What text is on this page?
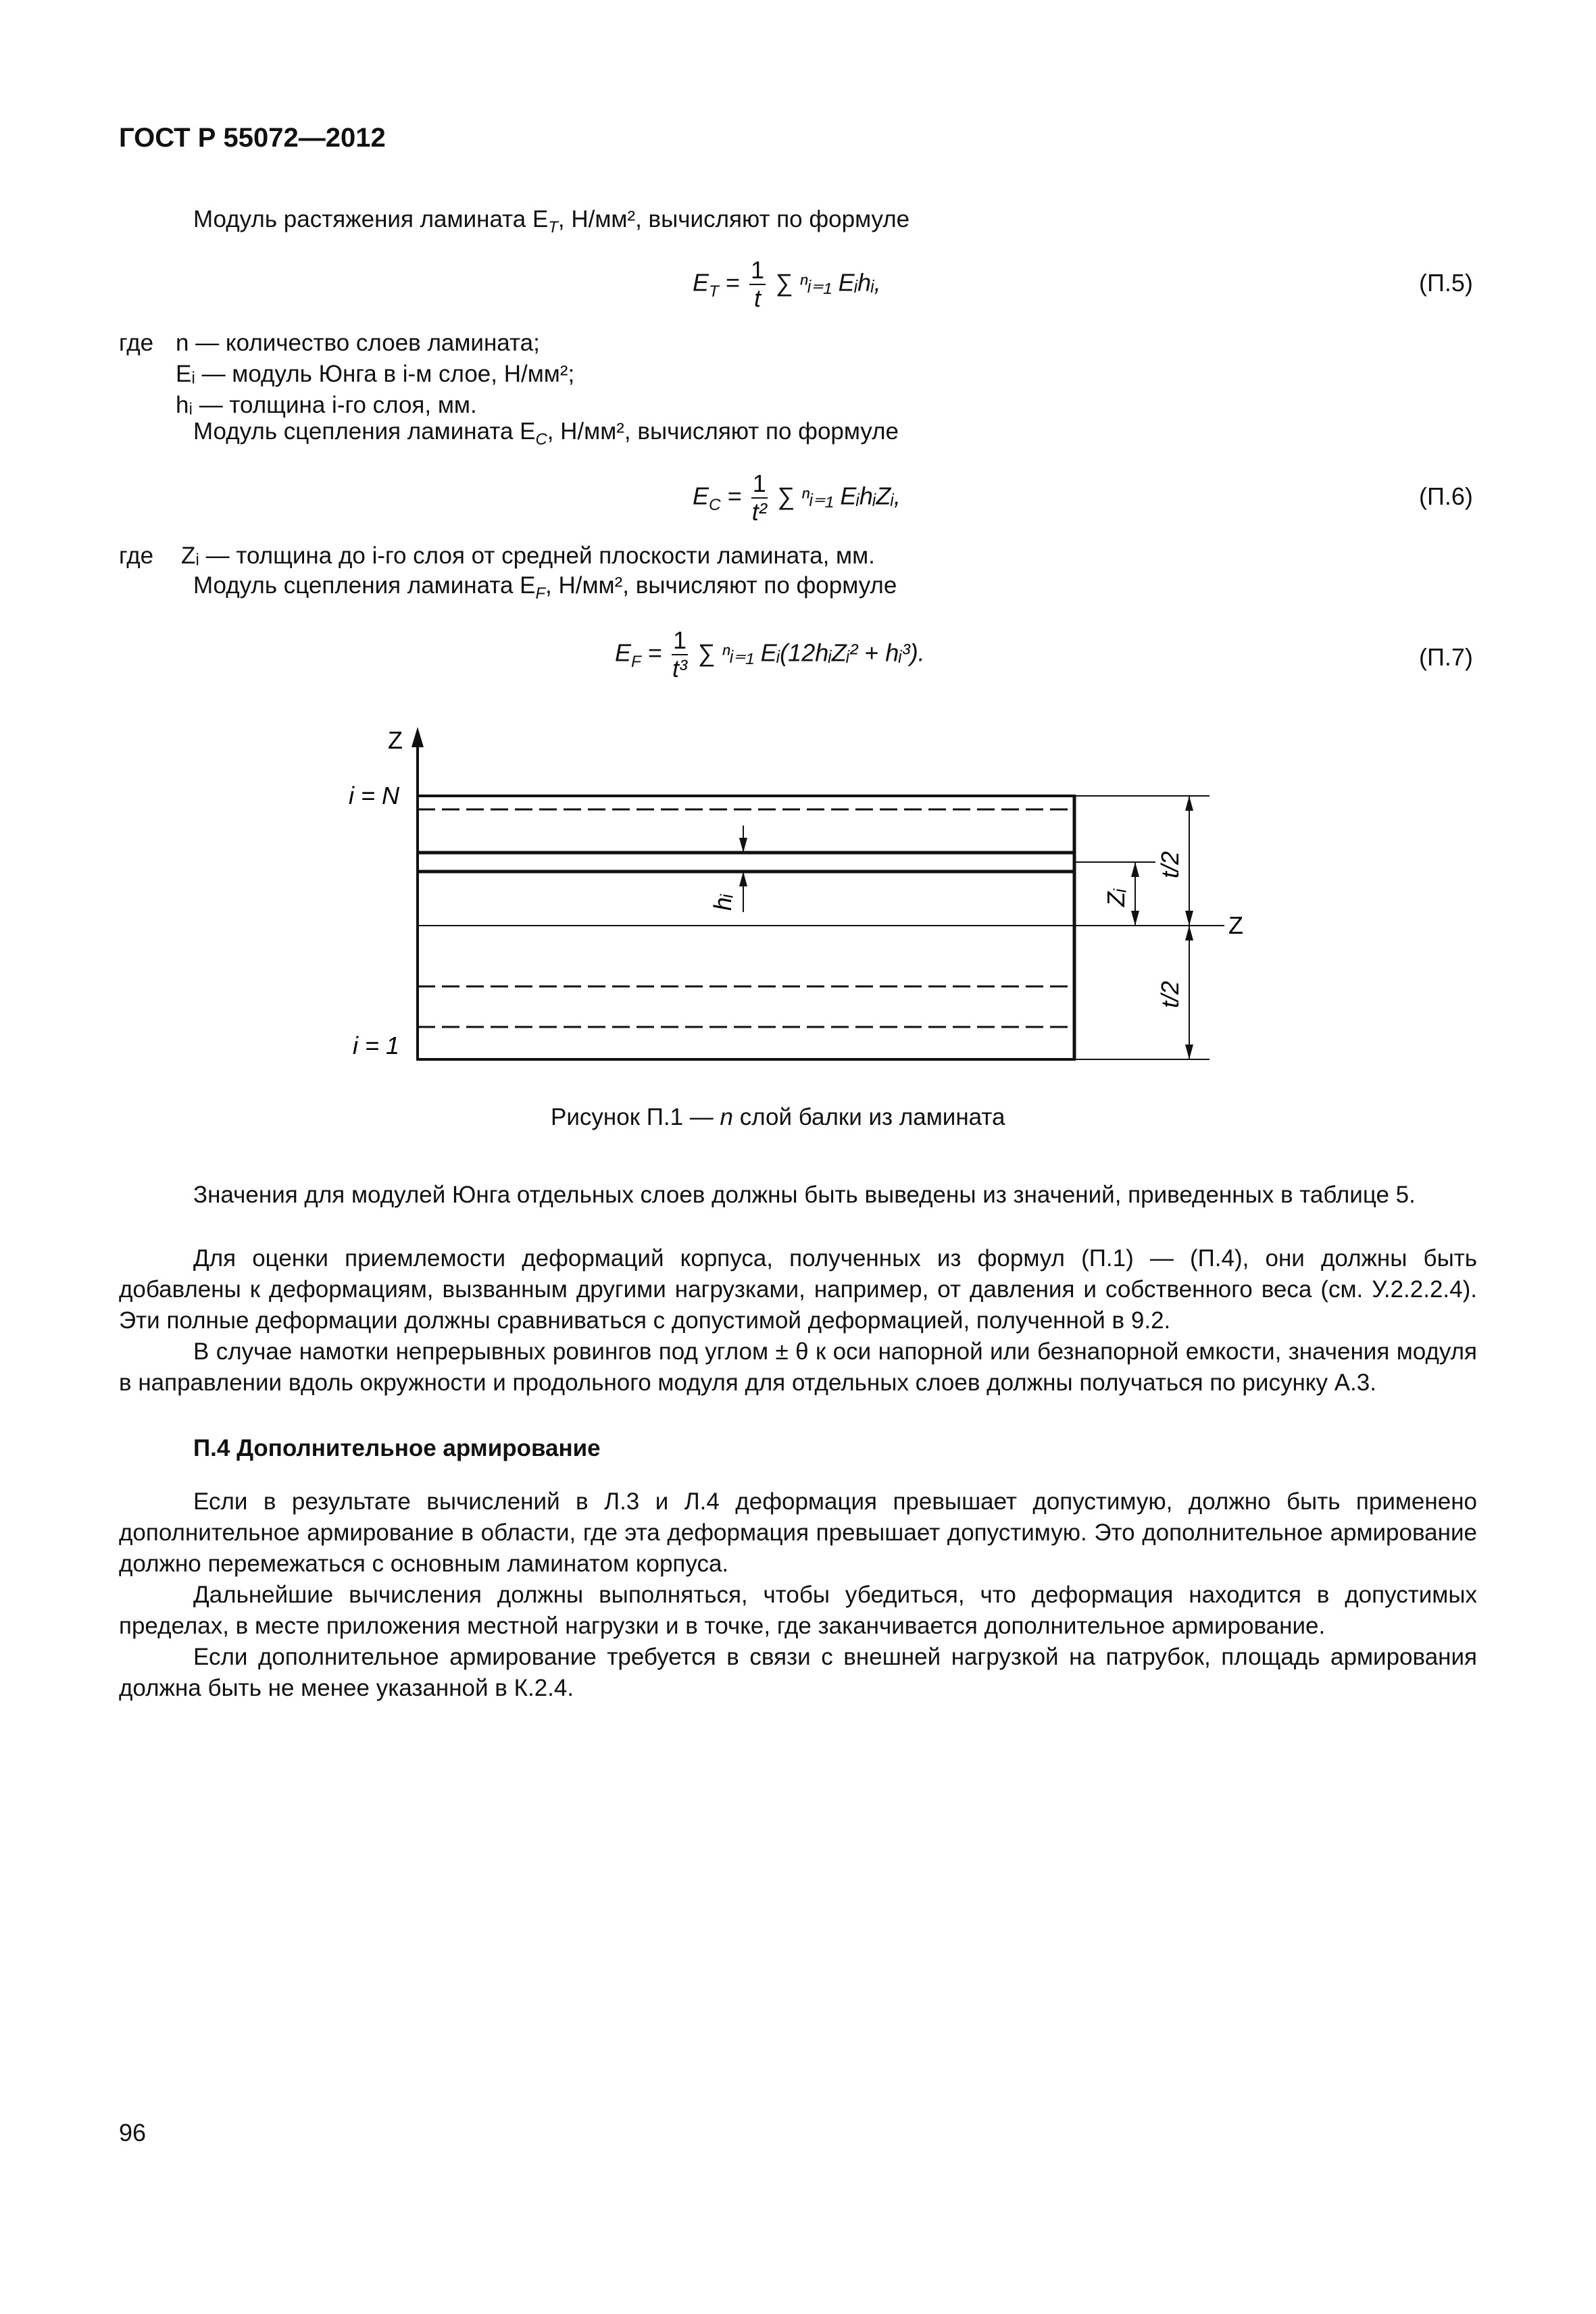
ГОСТ Р 55072—2012
Модуль растяжения ламината $E_T$, Н/мм², вычисляют по формуле
$E_T = \frac{1}{t}$ ∑ ⁿᵢ₌₁ Eᵢhᵢ,	(П.5)
где n — количество слоев ламината;
Eᵢ — модуль Юнга в i-м слое, Н/мм²;
hᵢ — толщина i-го слоя, мм.
Модуль сцепления ламината $E_C$, Н/мм², вычисляют по формуле
$E_C = \frac{1}{\text{t²}}$ ∑ ⁿᵢ₌₁ EᵢhᵢZᵢ,	(П.6)
где Zᵢ — толщина до i-го слоя от средней плоскости ламината, мм.
Модуль сцепления ламината $E_F$, Н/мм², вычисляют по формуле
$E_F = \frac{1}{\text{t³}}$ ∑ ⁿᵢ₌₁ Eᵢ(12hᵢZᵢ² + hᵢ³).	(П.7)
Z
hᵢ	Zᵢ
t/2
t/2
Z
i = N
i = 1
Рисунок П.1 — n слой балки из ламината
Значения для модулей Юнга отдельных слоев должны быть выведены из значений, приведенных в таблице 5.
Для оценки приемлемости деформаций корпуса, полученных из формул (П.1) — (П.4), они должны быть добавлены к деформациям, вызванным другими нагрузками, например, от давления и собственного веса (см. У.2.2.2.4). Эти полные деформации должны сравниваться с допустимой деформацией, полученной в 9.2.
В случае намотки непрерывных ровингов под углом ± θ к оси напорной или безнапорной емкости, значения модуля в направлении вдоль окружности и продольного модуля для отдельных слоев должны получаться по рисунку А.3.
П.4 Дополнительное армирование
Если в результате вычислений в Л.3 и Л.4 деформация превышает допустимую, должно быть применено дополнительное армирование в области, где эта деформация превышает допустимую. Это дополнительное армирование должно перемежаться с основным ламинатом корпуса.
Дальнейшие вычисления должны выполняться, чтобы убедиться, что деформация находится в допустимых пределах, в месте приложения местной нагрузки и в точке, где заканчивается дополнительное армирование.
Если дополнительное армирование требуется в связи с внешней нагрузкой на патрубок, площадь армирования должна быть не менее указанной в К.2.4.
96
